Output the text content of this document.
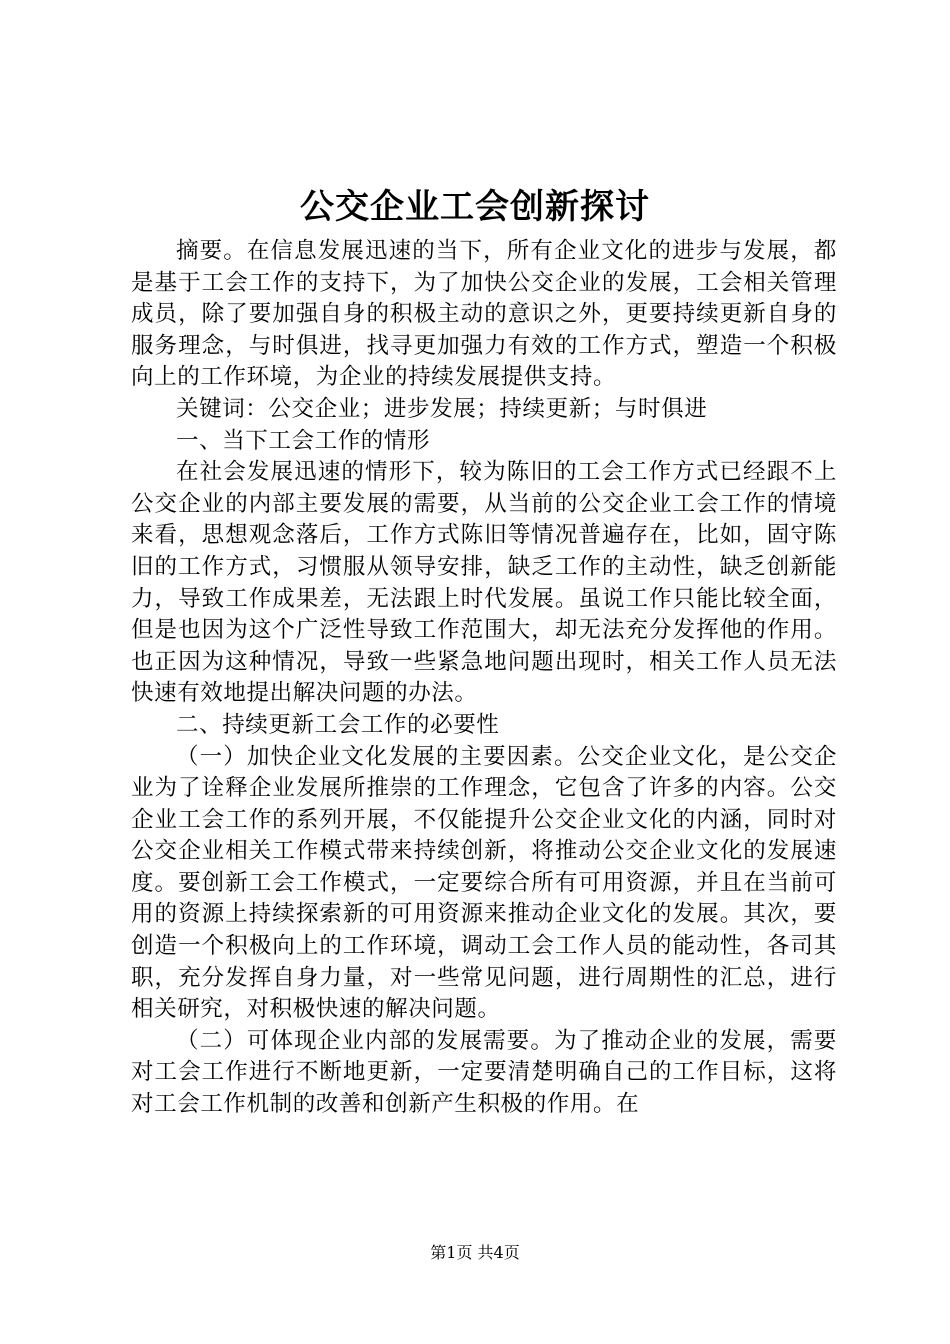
公交企业工会创新探讨

摘要。在信息发展迅速的当下，所有企业文化的进步与发展，都是基于工会工作的支持下，为了加快公交企业的发展，工会相关管理成员，除了要加强自身的积极主动的意识之外，更要持续更新自身的服务理念，与时俱进，找寻更加强力有效的工作方式，塑造一个积极向上的工作环境，为企业的持续发展提供支持。

关键词：公交企业；进步发展；持续更新；与时俱进

一、当下工会工作的情形

在社会发展迅速的情形下，较为陈旧的工会工作方式已经跟不上公交企业的内部主要发展的需要，从当前的公交企业工会工作的情境来看，思想观念落后，工作方式陈旧等情况普遍存在，比如，固守陈旧的工作方式，习惯服从领导安排，缺乏工作的主动性，缺乏创新能力，导致工作成果差，无法跟上时代发展。虽说工作只能比较全面，但是也因为这个广泛性导致工作范围大，却无法充分发挥他的作用。也正因为这种情况，导致一些紧急地问题出现时，相关工作人员无法快速有效地提出解决问题的办法。

二、持续更新工会工作的必要性

（一）加快企业文化发展的主要因素。公交企业文化，是公交企业为了诠释企业发展所推崇的工作理念，它包含了许多的内容。公交企业工会工作的系列开展，不仅能提升公交企业文化的内涵，同时对公交企业相关工作模式带来持续创新，将推动公交企业文化的发展速度。要创新工会工作模式，一定要综合所有可用资源，并且在当前可用的资源上持续探索新的可用资源来推动企业文化的发展。其次，要创造一个积极向上的工作环境，调动工会工作人员的能动性，各司其职，充分发挥自身力量，对一些常见问题，进行周期性的汇总，进行相关研究，对积极快速的解决问题。

（二）可体现企业内部的发展需要。为了推动企业的发展，需要对工会工作进行不断地更新，一定要清楚明确自己的工作目标，这将对工会工作机制的改善和创新产生积极的作用。在

第1页 共4页
